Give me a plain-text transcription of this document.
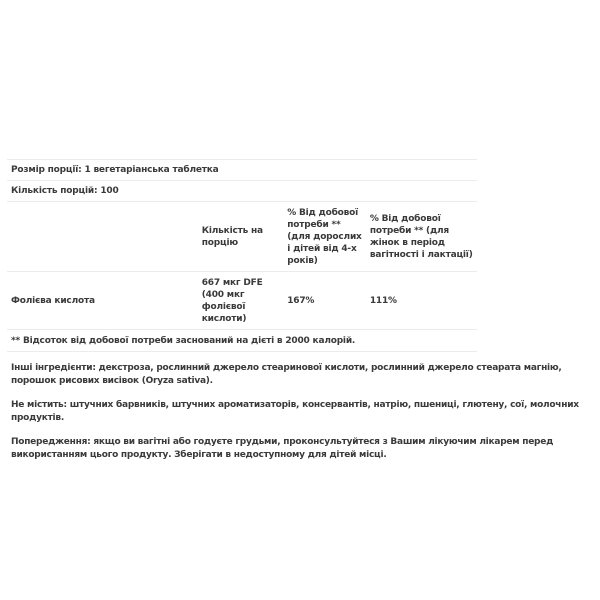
Розмір порції: 1 вегетаріанська таблетка			
Кількість порцій: 100			
	Кількість на порцію	% Від добової потреби ** (для дорослих і дітей від 4-х років)	% Від добової потреби ** (для жінок в період вагітності і лактації)
Фолієва кислота	667 мкг DFE (400 мкг фолієвої кислоти)	167%	111%
** Відсоток від добової потреби заснований на дієті в 2000 калорій.			

Інші інгредієнти: декстроза, рослинний джерело стеаринової кислоти, рослинний джерело стеарата магнію, порошок рисових висівок (Oryza sativa).

Не містить: штучних барвників, штучних ароматизаторів, консервантів, натрію, пшениці, глютену, сої, молочних продуктів.

Попередження: якщо ви вагітні або годуєте грудьми, проконсультуйтеся з Вашим лікуючим лікарем перед використанням цього продукту. Зберігати в недоступному для дітей місці.
